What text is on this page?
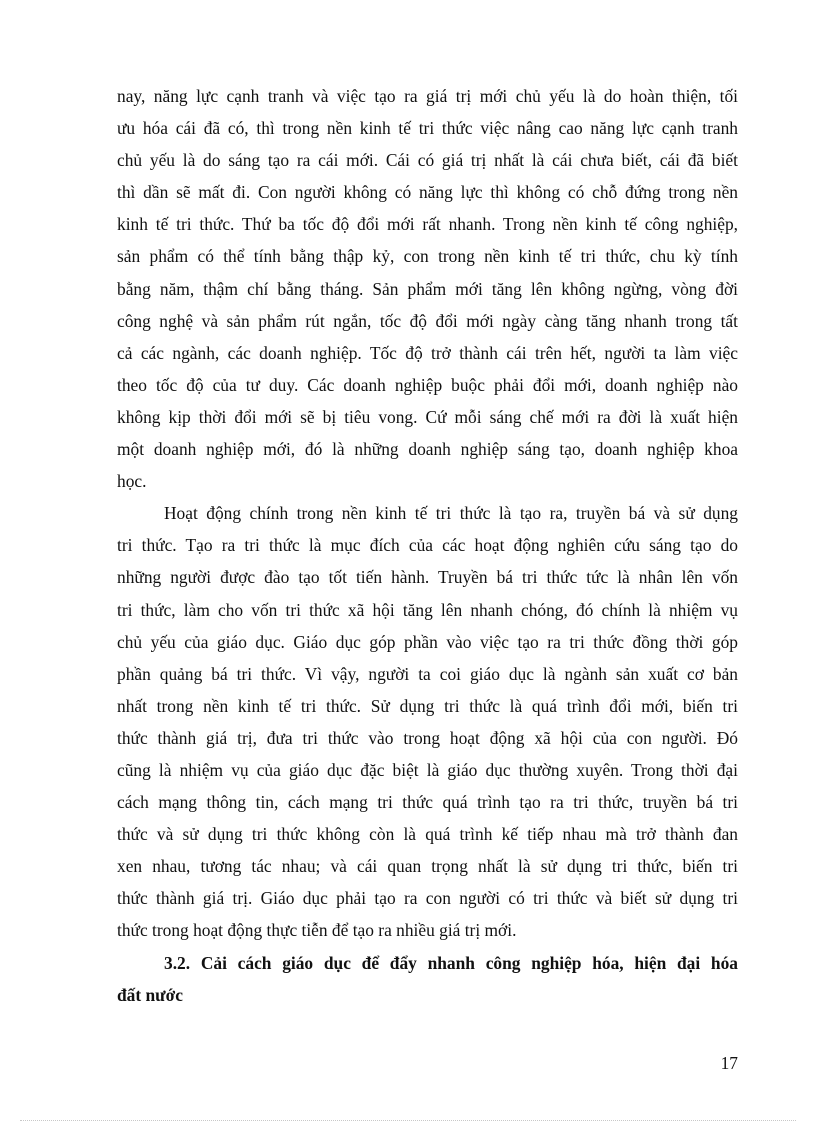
nay, năng lực cạnh tranh và việc tạo ra giá trị mới chủ yếu là do hoàn thiện, tối
ưu hóa cái đã có, thì trong nền kinh tế tri thức việc nâng cao năng lực cạnh tranh
chủ yếu là do sáng tạo ra cái mới. Cái có giá trị nhất là cái chưa biết, cái đã biết
thì dần sẽ mất đi. Con người không có năng lực thì không có chỗ đứng trong nền
kinh tế tri thức. Thứ ba tốc độ đổi mới rất nhanh. Trong nền kinh tế công nghiệp,
sản phẩm có thể tính bằng thập kỷ, con trong nền kinh tế tri thức, chu kỳ tính
bằng năm, thậm chí bằng tháng. Sản phẩm mới tăng lên không ngừng, vòng đời
công nghệ và sản phẩm rút ngắn, tốc độ đổi mới ngày càng tăng nhanh trong tất
cả các ngành, các doanh nghiệp. Tốc độ trở thành cái trên hết, người ta làm việc
theo tốc độ của tư duy. Các doanh nghiệp buộc phải đổi mới, doanh nghiệp nào
không kịp thời đổi mới sẽ bị tiêu vong. Cứ mỗi sáng chế mới ra đời là xuất hiện
một doanh nghiệp mới, đó là những doanh nghiệp sáng tạo, doanh nghiệp khoa
học.
Hoạt động chính trong nền kinh tế tri thức là tạo ra, truyền bá và sử dụng
tri thức. Tạo ra tri thức là mục đích của các hoạt động nghiên cứu sáng tạo do
những người được đào tạo tốt tiến hành. Truyền bá tri thức tức là nhân lên vốn
tri thức, làm cho vốn tri thức xã hội tăng lên nhanh chóng, đó chính là nhiệm vụ
chủ yếu của giáo dục. Giáo dục góp phần vào việc tạo ra tri thức đồng thời góp
phần quảng bá tri thức. Vì vậy, người ta coi giáo dục là ngành sản xuất cơ bản
nhất trong nền kinh tế tri thức. Sử dụng tri thức là quá trình đổi mới, biến tri
thức thành giá trị, đưa tri thức vào trong hoạt động xã hội của con người. Đó
cũng là nhiệm vụ của giáo dục đặc biệt là giáo dục thường xuyên. Trong thời đại
cách mạng thông tin, cách mạng tri thức quá trình tạo ra tri thức, truyền bá tri
thức và sử dụng tri thức không còn là quá trình kế tiếp nhau mà trở thành đan
xen nhau, tương tác nhau; và cái quan trọng nhất là sử dụng tri thức, biến tri
thức thành giá trị. Giáo dục phải tạo ra con người có tri thức và biết sử dụng tri
thức trong hoạt động thực tiễn để tạo ra nhiều giá trị mới.
3.2. Cải cách giáo dục để đẩy nhanh công nghiệp hóa, hiện đại hóa
đất nước
17
